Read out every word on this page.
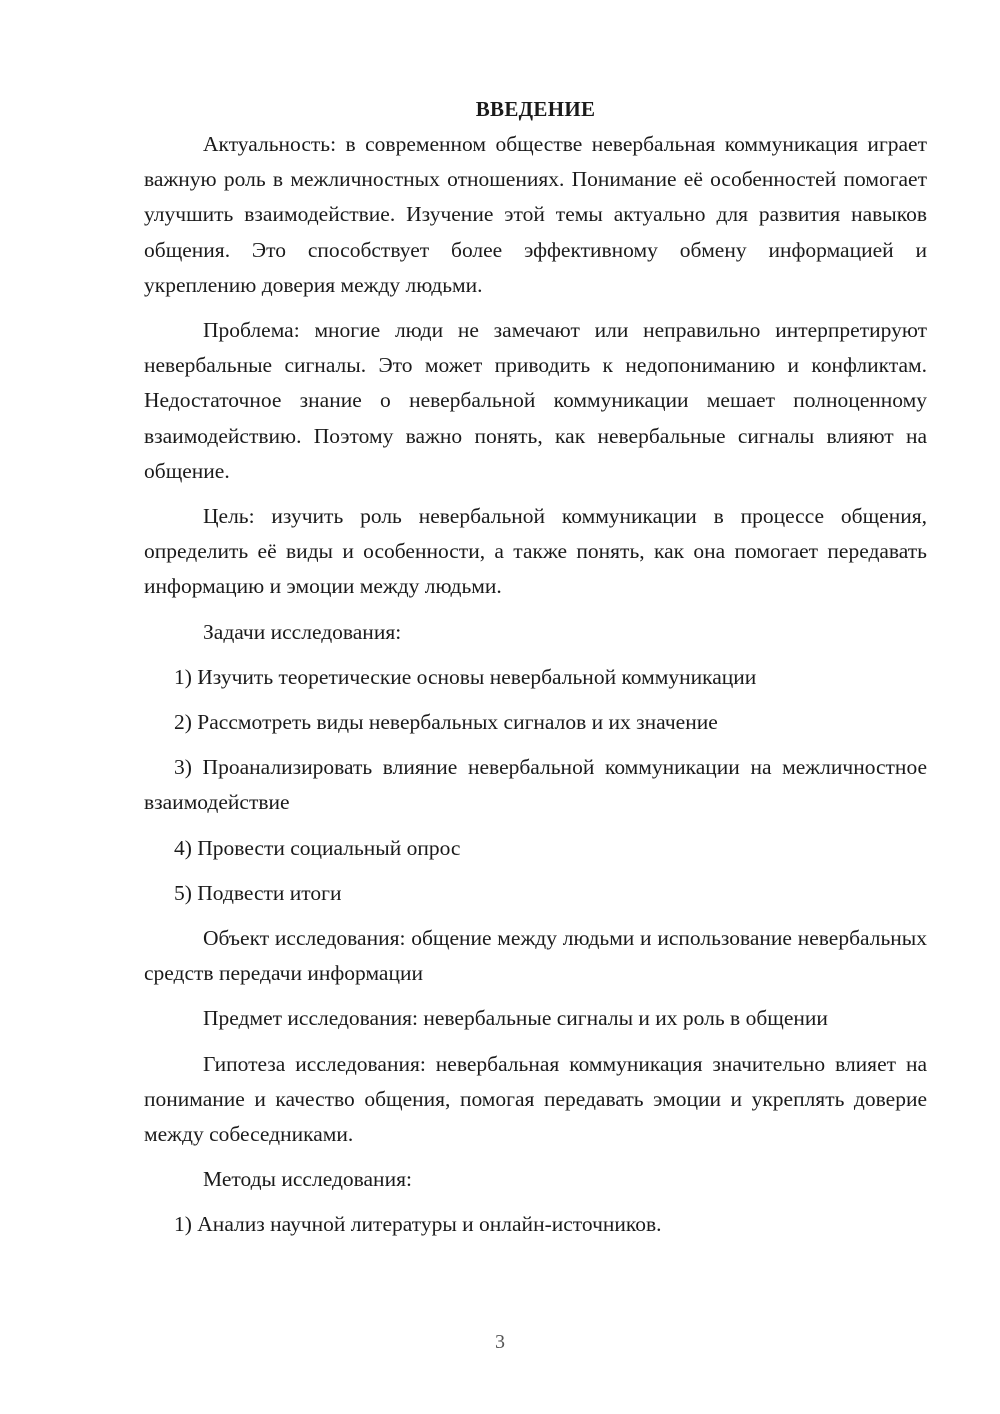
ВВЕДЕНИЕ

Актуальность: в современном обществе невербальная коммуникация играет важную роль в межличностных отношениях. Понимание её особенностей помогает улучшить взаимодействие. Изучение этой темы актуально для развития навыков общения. Это способствует более эффективному обмену информацией и укреплению доверия между людьми.

Проблема: многие люди не замечают или неправильно интерпретируют невербальные сигналы. Это может приводить к недопониманию и конфликтам. Недостаточное знание о невербальной коммуникации мешает полноценному взаимодействию. Поэтому важно понять, как невербальные сигналы влияют на общение.

Цель: изучить роль невербальной коммуникации в процессе общения, определить её виды и особенности, а также понять, как она помогает передавать информацию и эмоции между людьми.

Задачи исследования:

1) Изучить теоретические основы невербальной коммуникации

2) Рассмотреть виды невербальных сигналов и их значение

3) Проанализировать влияние невербальной коммуникации на межличностное взаимодействие

4) Провести социальный опрос

5) Подвести итоги

Объект исследования: общение между людьми и использование невербальных средств передачи информации

Предмет исследования: невербальные сигналы и их роль в общении

Гипотеза исследования: невербальная коммуникация значительно влияет на понимание и качество общения, помогая передавать эмоции и укреплять доверие между собеседниками.

Методы исследования:

1) Анализ научной литературы и онлайн-источников.

3
